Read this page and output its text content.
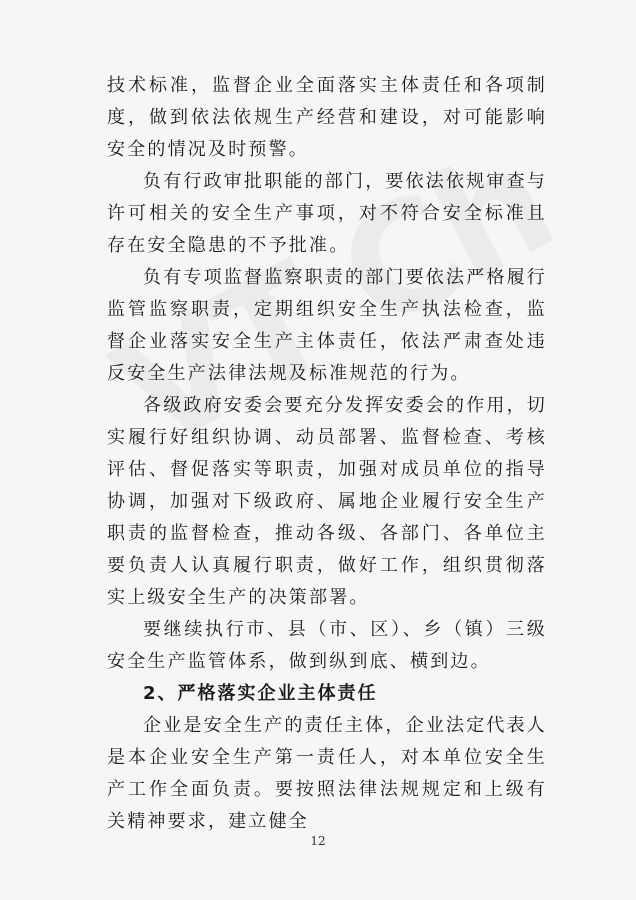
技术标准，监督企业全面落实主体责任和各项制度，做到依法依规生产经营和建设，对可能影响安全的情况及时预警。

负有行政审批职能的部门，要依法依规审查与许可相关的安全生产事项，对不符合安全标准且存在安全隐患的不予批准。

负有专项监督监察职责的部门要依法严格履行监管监察职责，定期组织安全生产执法检查，监督企业落实安全生产主体责任，依法严肃查处违反安全生产法律法规及标准规范的行为。

各级政府安委会要充分发挥安委会的作用，切实履行好组织协调、动员部署、监督检查、考核评估、督促落实等职责，加强对成员单位的指导协调，加强对下级政府、属地企业履行安全生产职责的监督检查，推动各级、各部门、各单位主要负责人认真履行职责，做好工作，组织贯彻落实上级安全生产的决策部署。

要继续执行市、县（市、区）、乡（镇）三级安全生产监管体系，做到纵到底、横到边。

2、严格落实企业主体责任

企业是安全生产的责任主体，企业法定代表人是本企业安全生产第一责任人，对本单位安全生产工作全面负责。要按照法律法规规定和上级有关精神要求，建立健全

12
